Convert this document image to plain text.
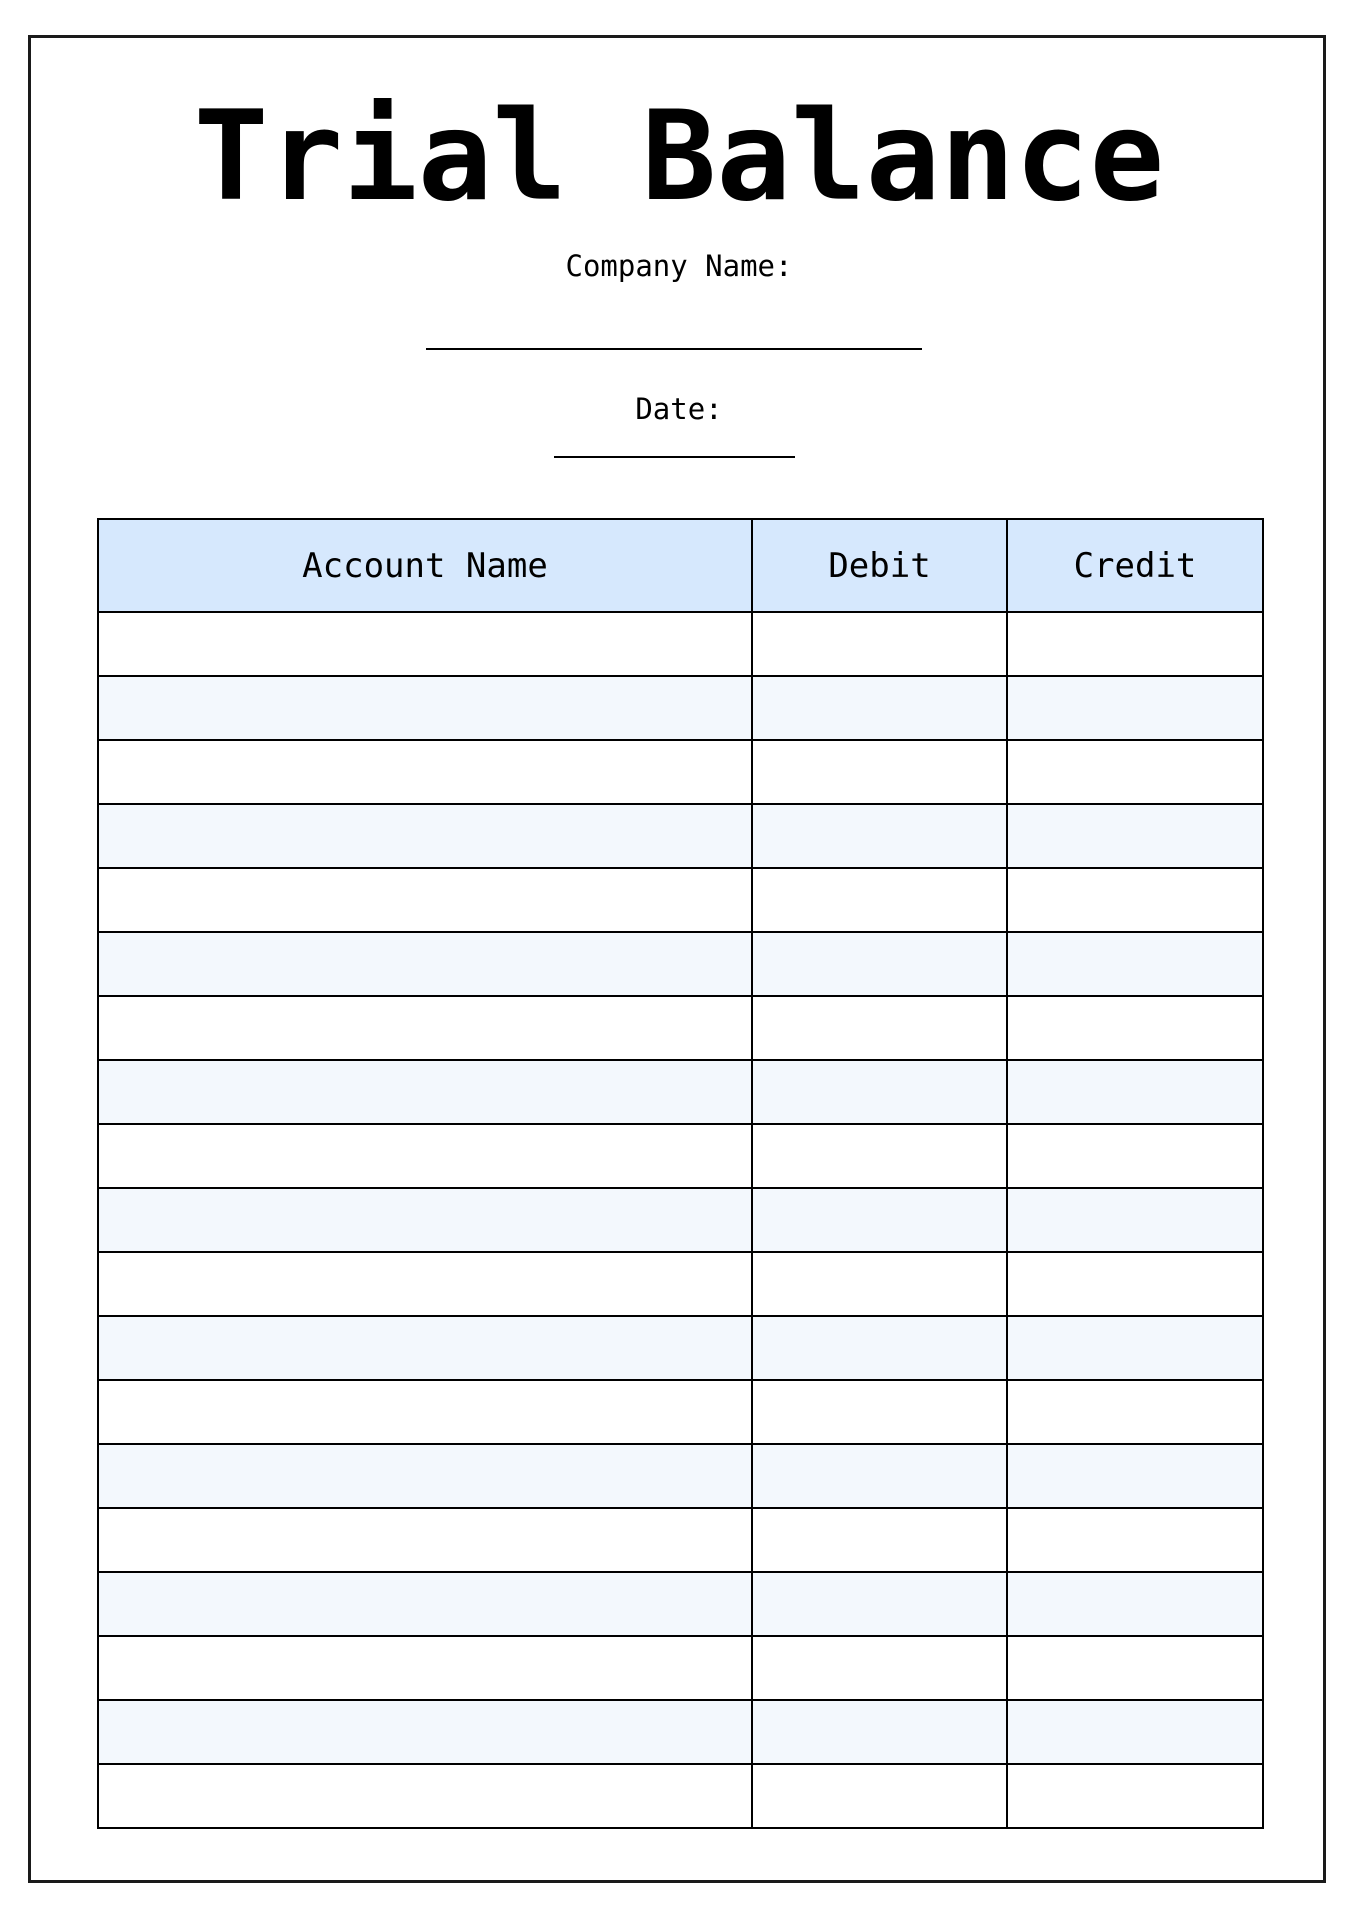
Trial Balance
Company Name:
Date:
Account Name	Debit	Credit
